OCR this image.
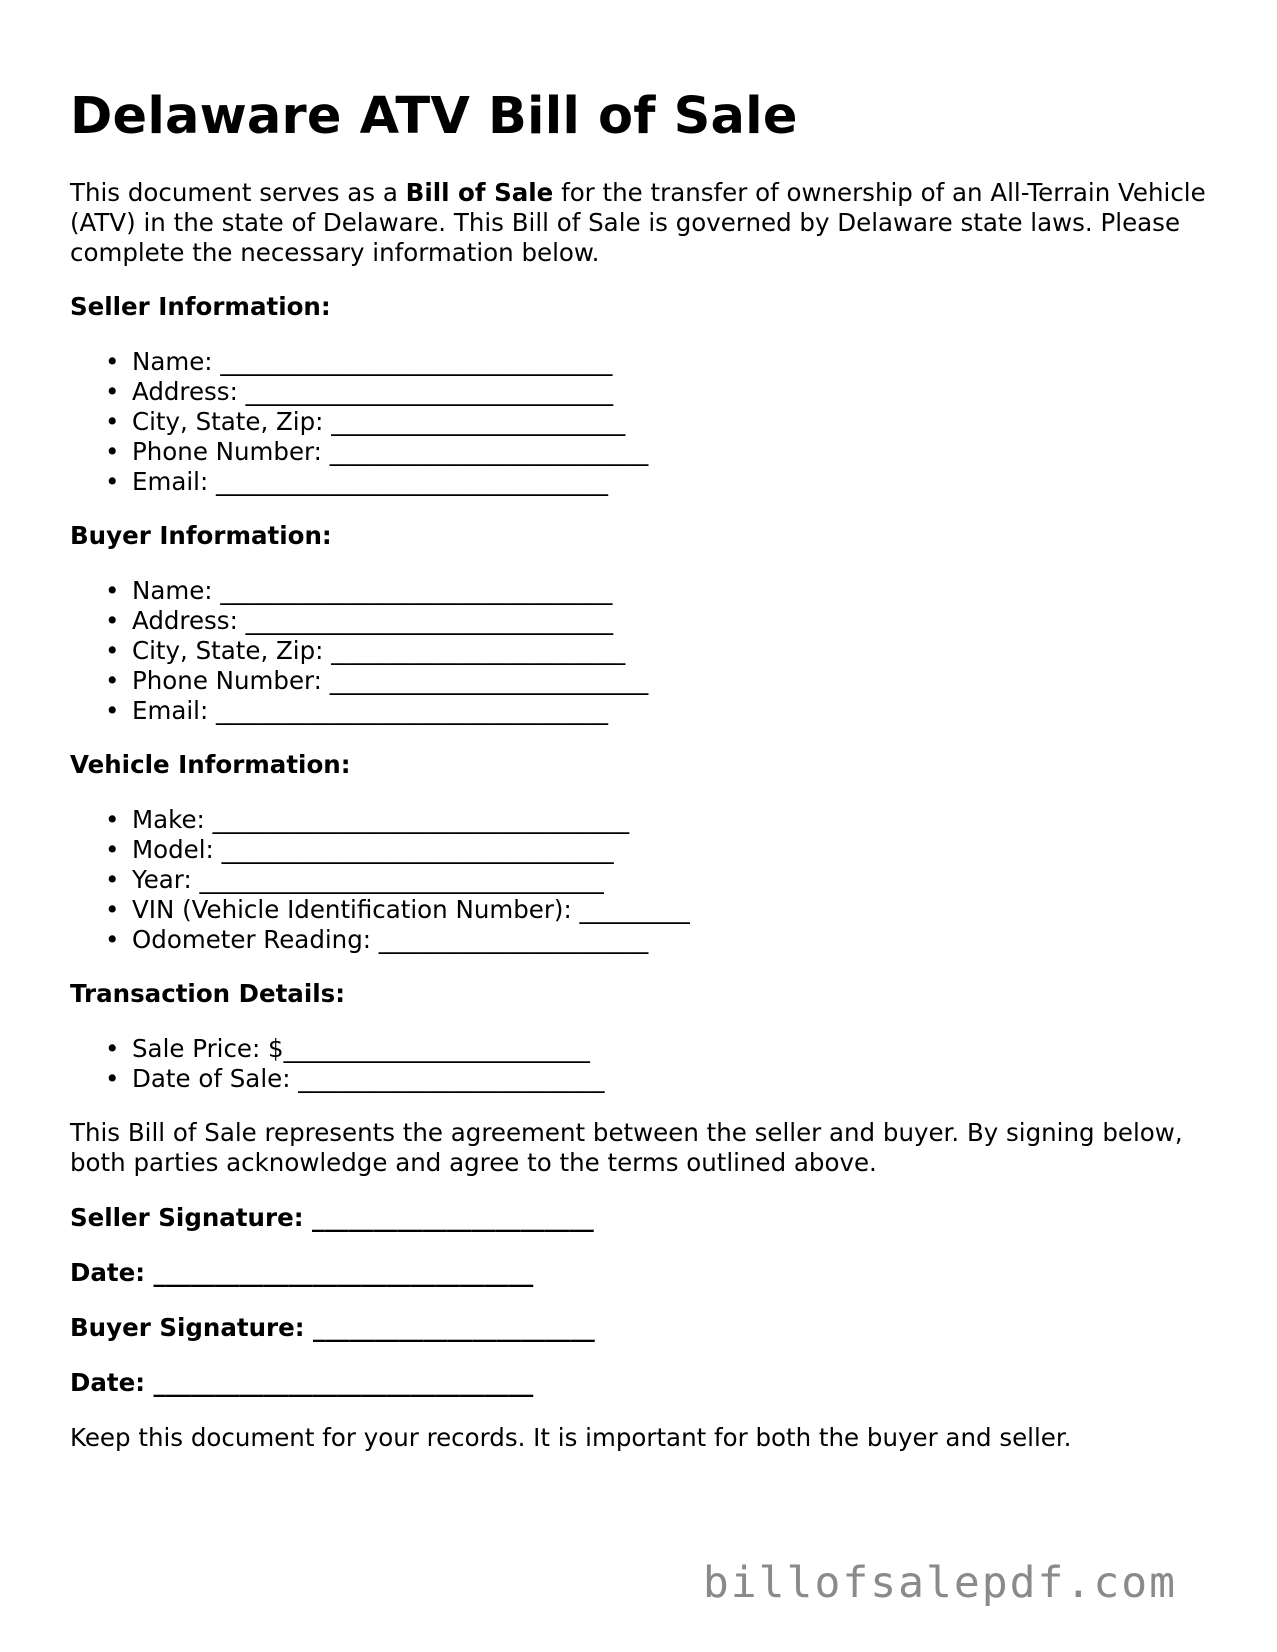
Delaware ATV Bill of Sale

This document serves as a Bill of Sale for the transfer of ownership of an All-Terrain Vehicle (ATV) in the state of Delaware. This Bill of Sale is governed by Delaware state laws. Please complete the necessary information below.

Seller Information:
• Name: ________________________________
• Address: ______________________________
• City, State, Zip: ________________________
• Phone Number: __________________________
• Email: ________________________________
Buyer Information:
• Name: ________________________________
• Address: ______________________________
• City, State, Zip: ________________________
• Phone Number: __________________________
• Email: ________________________________
Vehicle Information:
• Make: __________________________________
• Model: ________________________________
• Year: _________________________________
• VIN (Vehicle Identification Number): _________
• Odometer Reading: ______________________
Transaction Details:
• Sale Price: $_________________________
• Date of Sale: _________________________

This Bill of Sale represents the agreement between the seller and buyer. By signing below, both parties acknowledge and agree to the terms outlined above.

Seller Signature: _______________________
Date: _______________________________
Buyer Signature: _______________________
Date: _______________________________

Keep this document for your records. It is important for both the buyer and seller.

billofsalepdf.com
